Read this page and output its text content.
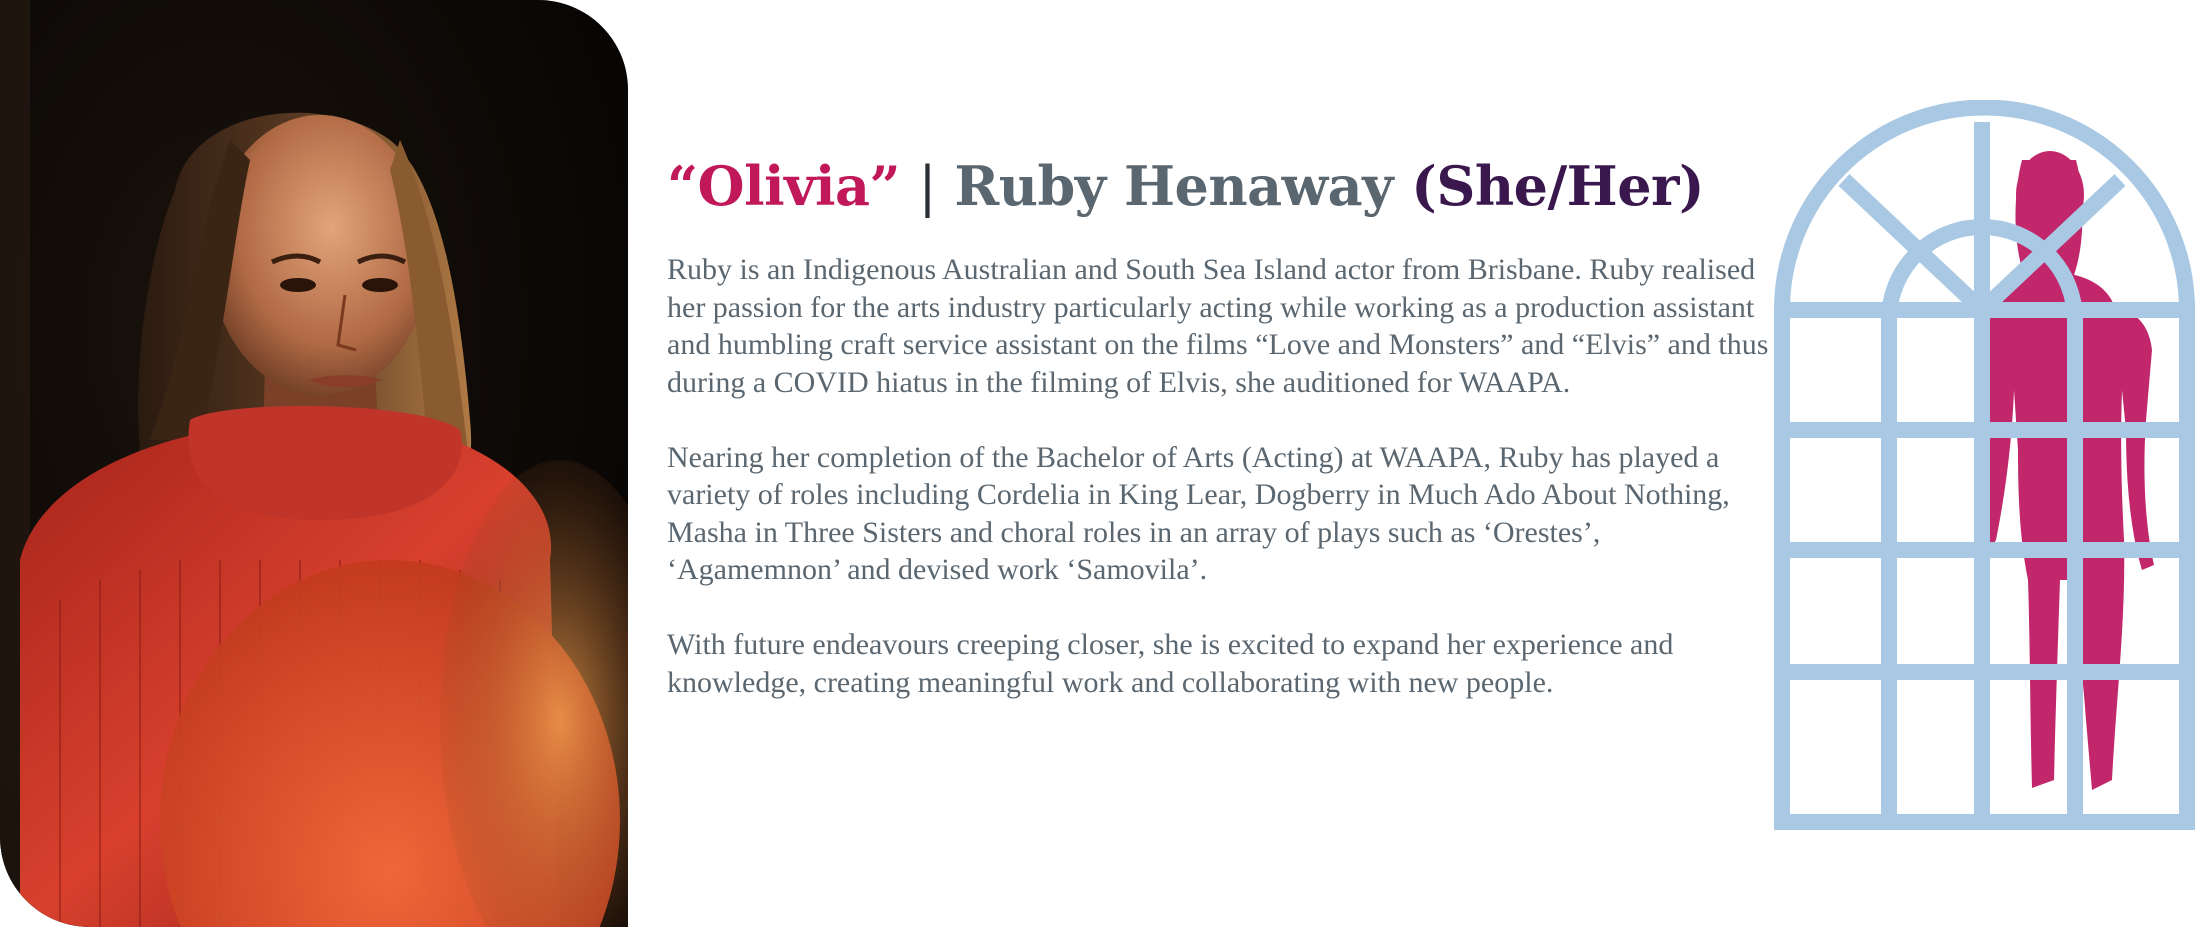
“Olivia” | Ruby Henaway (She/Her)

Ruby is an Indigenous Australian and South Sea Island actor from Brisbane. Ruby realised her passion for the arts industry particularly acting while working as a production assistant and humbling craft service assistant on the films “Love and Monsters” and “Elvis” and thus during a COVID hiatus in the filming of Elvis, she auditioned for WAAPA.

Nearing her completion of the Bachelor of Arts (Acting) at WAAPA, Ruby has played a variety of roles including Cordelia in King Lear, Dogberry in Much Ado About Nothing, Masha in Three Sisters and choral roles in an array of plays such as ‘Orestes’, ‘Agamemnon’ and devised work ‘Samovila’.

With future endeavours creeping closer, she is excited to expand her experience and knowledge, creating meaningful work and collaborating with new people.
